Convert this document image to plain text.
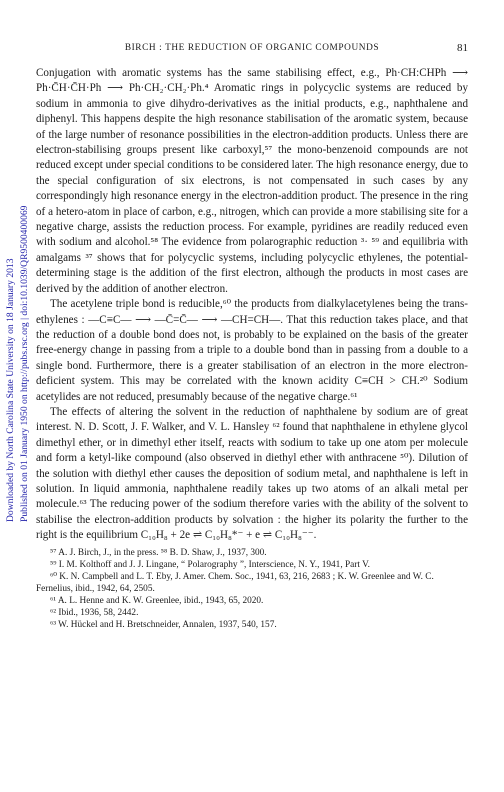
Downloaded by North Carolina State University on 18 January 2013 Published on 01 January 1950 on http://pubs.rsc.org | doi:10.1039/QR9500400069
BIRCH : THE REDUCTION OF ORGANIC COMPOUNDS	81

Conjugation with aromatic systems has the same stabilising effect, e.g., Ph·CH:CHPh ⟶ Ph·C̄H·C̄H·Ph ⟶ Ph·CH₂·CH₂·Ph.⁴ Aromatic rings in polycyclic systems are reduced by sodium in ammonia to give dihydro-derivatives as the initial products, e.g., naphthalene and diphenyl. This happens despite the high resonance stabilisation of the aromatic system, because of the large number of resonance possibilities in the electron-addition products. Unless there are electron-stabilising groups present like carboxyl,⁵⁷ the mono-benzenoid compounds are not reduced except under special conditions to be considered later. The high resonance energy, due to the special configuration of six electrons, is not compensated in such cases by any correspondingly high resonance energy in the electron-addition product. The presence in the ring of a hetero-atom in place of carbon, e.g., nitrogen, which can provide a more stabilising site for a negative charge, assists the reduction process. For example, pyridines are readily reduced even with sodium and alcohol.⁵⁸ The evidence from polarographic reduction ³· ⁵⁹ and equilibria with amalgams ³⁷ shows that for polycyclic systems, including polycyclic ethylenes, the potential-determining stage is the addition of the first electron, although the products in most cases are derived by the addition of another electron.

The acetylene triple bond is reducible,⁶⁰ the products from dialkylacetylenes being the trans-ethylenes : —C≡C— ⟶ —C̄=C̄— ⟶ —CH=CH—. That this reduction takes place, and that the reduction of a double bond does not, is probably to be explained on the basis of the greater free-energy change in passing from a triple to a double bond than in passing from a double to a single bond. Furthermore, there is a greater stabilisation of an electron in the more electron-deficient system. This may be correlated with the known acidity C≡CH > CH.²⁰ Sodium acetylides are not reduced, presumably because of the negative charge.⁶¹

The effects of altering the solvent in the reduction of naphthalene by sodium are of great interest. N. D. Scott, J. F. Walker, and V. L. Hansley ⁶² found that naphthalene in ethylene glycol dimethyl ether, or in dimethyl ether itself, reacts with sodium to take up one atom per molecule and form a ketyl-like compound (also observed in diethyl ether with anthracene ⁵⁰). Dilution of the solution with diethyl ether causes the deposition of sodium metal, and naphthalene is left in solution. In liquid ammonia, naphthalene readily takes up two atoms of an alkali metal per molecule.⁶³ The reducing power of the sodium therefore varies with the ability of the solvent to stabilise the electron-addition products by solvation : the higher its polarity the further to the right is the equilibrium C₁₀H₈ + 2e ⇌ C₁₀H₈*⁻ + e ⇌ C₁₀H₈⁻⁻.

⁵⁷ A. J. Birch, J., in the press. ⁵⁸ B. D. Shaw, J., 1937, 300.
⁵⁹ I. M. Kolthoff and J. J. Lingane, “ Polarography ”, Interscience, N. Y., 1941, Part V.
⁶⁰ K. N. Campbell and L. T. Eby, J. Amer. Chem. Soc., 1941, 63, 216, 2683 ; K. W. Greenlee and W. C. Fernelius, ibid., 1942, 64, 2505.
⁶¹ A. L. Henne and K. W. Greenlee, ibid., 1943, 65, 2020.
⁶² Ibid., 1936, 58, 2442.
⁶³ W. Hückel and H. Bretschneider, Annalen, 1937, 540, 157.
